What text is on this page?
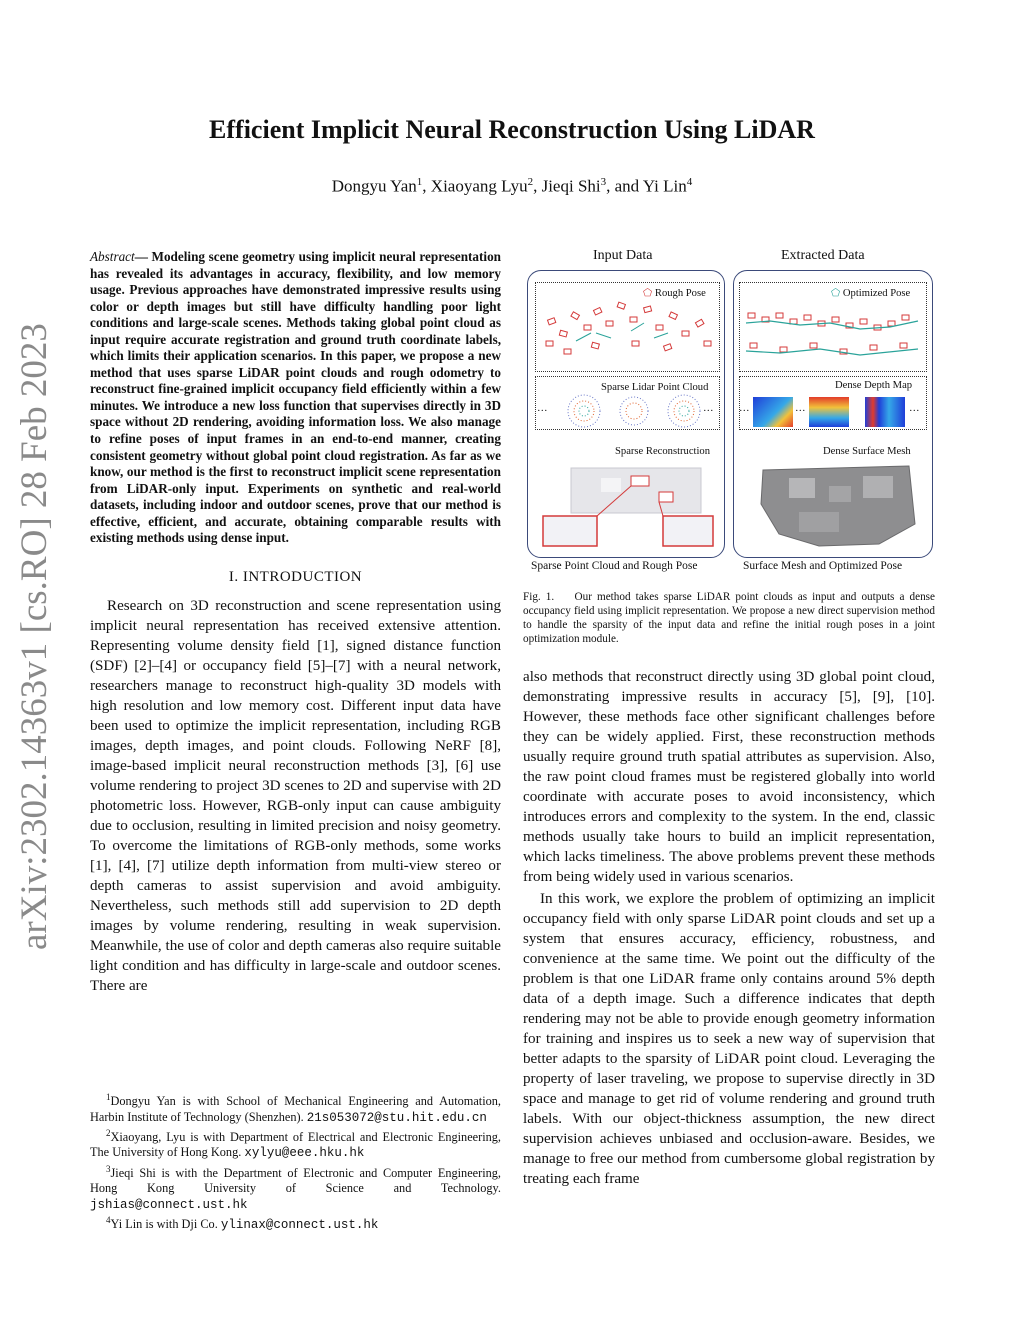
arXiv:2302.14363v1 [cs.RO] 28 Feb 2023
Efficient Implicit Neural Reconstruction Using LiDAR
Dongyu Yan$^1$, Xiaoyang Lyu$^2$, Jieqi Shi$^3$, and Yi Lin$^4$

Abstract— Modeling scene geometry using implicit neural representation has revealed its advantages in accuracy, flexibility, and low memory usage. Previous approaches have demonstrated impressive results using color or depth images but still have difficulty handling poor light conditions and large-scale scenes. Methods taking global point cloud as input require accurate registration and ground truth coordinate labels, which limits their application scenarios. In this paper, we propose a new method that uses sparse LiDAR point clouds and rough odometry to reconstruct fine-grained implicit occupancy field efficiently within a few minutes. We introduce a new loss function that supervises directly in 3D space without 2D rendering, avoiding information loss. We also manage to refine poses of input frames in an end-to-end manner, creating consistent geometry without global point cloud registration. As far as we know, our method is the first to reconstruct implicit scene representation from LiDAR-only input. Experiments on synthetic and real-world datasets, including indoor and outdoor scenes, prove that our method is effective, efficient, and accurate, obtaining comparable results with existing methods using dense input.

I. INTRODUCTION

Research on 3D reconstruction and scene representation using implicit neural representation has received extensive attention. Representing volume density field [1], signed distance function (SDF) [2]–[4] or occupancy field [5]–[7] with a neural network, researchers manage to reconstruct high-quality 3D models with high resolution and low memory cost. Different input data have been used to optimize the implicit representation, including RGB images, depth images, and point clouds. Following NeRF [8], image-based implicit neural reconstruction methods [3], [6] use volume rendering to project 3D scenes to 2D and supervise with 2D photometric loss. However, RGB-only input can cause ambiguity due to occlusion, resulting in limited precision and noisy geometry. To overcome the limitations of RGB-only methods, some works [1], [4], [7] utilize depth information from multi-view stereo or depth cameras to assist supervision and avoid ambiguity. Nevertheless, such methods still add supervision to 2D depth images by volume rendering, resulting in weak supervision. Meanwhile, the use of color and depth cameras also require suitable light condition and has difficulty in large-scale and outdoor scenes. There are

$^1$Dongyu Yan is with School of Mechanical Engineering and Automation, Harbin Institute of Technology (Shenzhen). 21s053072@stu.hit.edu.cn

$^2$Xiaoyang, Lyu is with Department of Electrical and Electronic Engineering, The University of Hong Kong. xylyu@eee.hku.hk

$^3$Jieqi Shi is with the Department of Electronic and Computer Engineering, Hong Kong University of Science and Technology. jshias@connect.ust.hk

$^4$Yi Lin is with Dji Co. ylinax@connect.ust.hk

Input Data	Extracted Data
⬠ Rough Pose
Sparse Lidar Point Cloud
···	···
Sparse Reconstruction
⬠ Optimized Pose
Dense Depth Map
···	···	···
Dense Surface Mesh
Sparse Point Cloud and Rough Pose	Surface Mesh and Optimized Pose
Fig. 1. Our method takes sparse LiDAR point clouds as input and outputs a dense occupancy field using implicit representation. We propose a new direct supervision method to handle the sparsity of the input data and refine the initial rough poses in a joint optimization module.

also methods that reconstruct directly using 3D global point cloud, demonstrating impressive results in accuracy [5], [9], [10]. However, these methods face other significant challenges before they can be widely applied. First, these reconstruction methods usually require ground truth spatial attributes as supervision. Also, the raw point cloud frames must be registered globally into world coordinate with accurate poses to avoid inconsistency, which introduces errors and complexity to the system. In the end, classic methods usually take hours to build an implicit representation, which lacks timeliness. The above problems prevent these methods from being widely used in various scenarios.

In this work, we explore the problem of optimizing an implicit occupancy field with only sparse LiDAR point clouds and set up a system that ensures accuracy, efficiency, robustness, and convenience at the same time. We point out the difficulty of the problem is that one LiDAR frame only contains around 5% depth data of a depth image. Such a difference indicates that depth rendering may not be able to provide enough geometry information for training and inspires us to seek a new way of supervision that better adapts to the sparsity of LiDAR point cloud. Leveraging the property of laser traveling, we propose to supervise directly in 3D space and manage to get rid of volume rendering and ground truth labels. With our object-thickness assumption, the new direct supervision achieves unbiased and occlusion-aware. Besides, we manage to free our method from cumbersome global registration by treating each frame
